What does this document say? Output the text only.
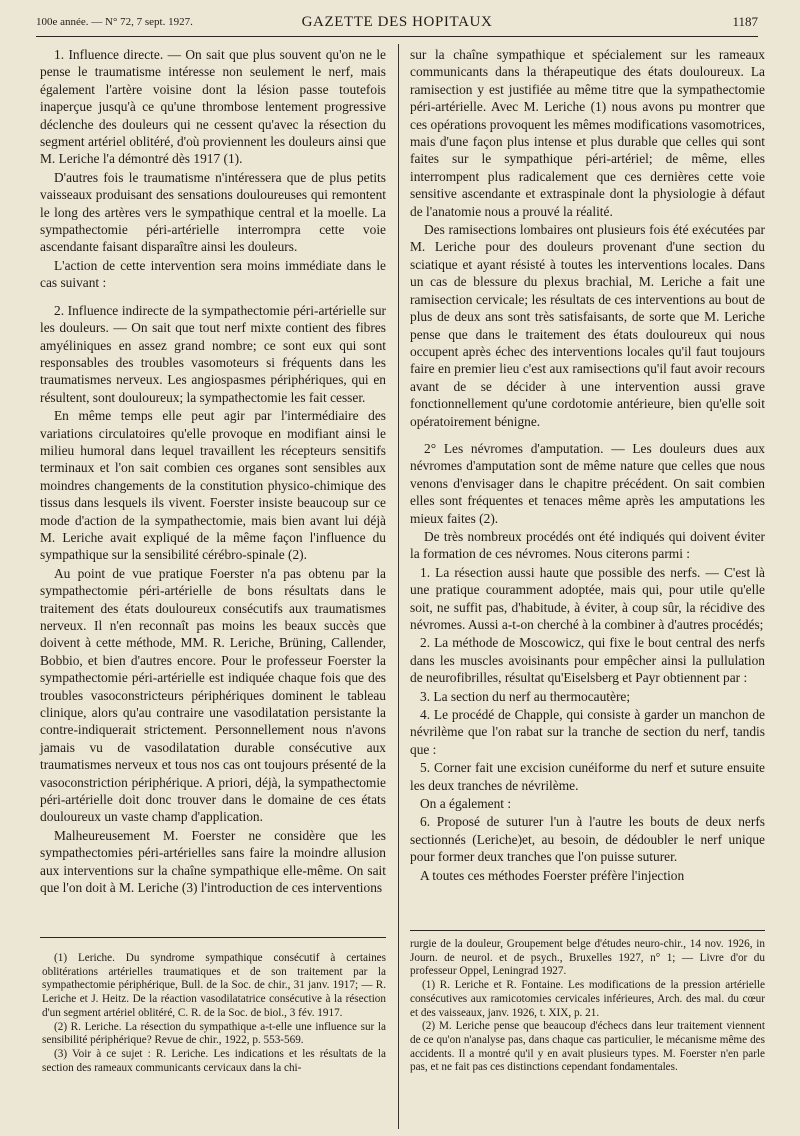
100e année. — N° 72, 7 sept. 1927.	GAZETTE DES HOPITAUX	1187

1. Influence directe. — On sait que plus souvent qu'on ne le pense le traumatisme intéresse non seulement le nerf, mais également l'artère voisine dont la lésion passe toutefois inaperçue jusqu'à ce qu'une thrombose lentement progressive déclenche des douleurs qui ne cessent qu'avec la résection du segment artériel oblitéré, d'où proviennent les douleurs ainsi que M. Leriche l'a démontré dès 1917 (1).

D'autres fois le traumatisme n'intéressera que de plus petits vaisseaux produisant des sensations douloureuses qui remontent le long des artères vers le sympathique central et la moelle. La sympathectomie péri-artérielle interrompra cette voie ascendante faisant disparaître ainsi les douleurs.

L'action de cette intervention sera moins immédiate dans le cas suivant :

2. Influence indirecte de la sympathectomie péri-artérielle sur les douleurs. — On sait que tout nerf mixte contient des fibres amyéliniques en assez grand nombre; ce sont eux qui sont responsables des troubles vasomoteurs si fréquents dans les traumatismes nerveux. Les angiospasmes périphériques, qui en résultent, sont douloureux; la sympathectomie les fait cesser.

En même temps elle peut agir par l'intermédiaire des variations circulatoires qu'elle provoque en modifiant ainsi le milieu humoral dans lequel travaillent les récepteurs sensitifs terminaux et l'on sait combien ces organes sont sensibles aux moindres changements de la constitution physico-chimique des tissus dans lesquels ils vivent. Foerster insiste beaucoup sur ce mode d'action de la sympathectomie, mais bien avant lui déjà M. Leriche avait expliqué de la même façon l'influence du sympathique sur la sensibilité cérébro-spinale (2).

Au point de vue pratique Foerster n'a pas obtenu par la sympathectomie péri-artérielle de bons résultats dans le traitement des états douloureux consécutifs aux traumatismes nerveux. Il n'en reconnaît pas moins les beaux succès que doivent à cette méthode, MM. R. Leriche, Brüning, Callender, Bobbio, et bien d'autres encore. Pour le professeur Foerster la sympathectomie péri-artérielle est indiquée chaque fois que des troubles vasoconstricteurs périphériques dominent le tableau clinique, alors qu'au contraire une vasodilatation persistante la contre-indiquerait strictement. Personnellement nous n'avons jamais vu de vasodilatation durable consécutive aux traumatismes nerveux et tous nos cas ont toujours présenté de la vasoconstriction périphérique. A priori, déjà, la sympathectomie péri-artérielle doit donc trouver dans le domaine de ces états douloureux un vaste champ d'application.

Malheureusement M. Foerster ne considère que les sympathectomies péri-artérielles sans faire la moindre allusion aux interventions sur la chaîne sympathique elle-même. On sait que l'on doit à M. Leriche (3) l'introduction de ces interventions

sur la chaîne sympathique et spécialement sur les rameaux communicants dans la thérapeutique des états douloureux. La ramisection y est justifiée au même titre que la sympathectomie péri-artérielle. Avec M. Leriche (1) nous avons pu montrer que ces opérations provoquent les mêmes modifications vasomotrices, mais d'une façon plus intense et plus durable que celles qui sont faites sur le sympathique péri-artériel; de même, elles interrompent plus radicalement que ces dernières cette voie sensitive ascendante et extraspinale dont la physiologie à défaut de l'anatomie nous a prouvé la réalité.

Des ramisections lombaires ont plusieurs fois été exécutées par M. Leriche pour des douleurs provenant d'une section du sciatique et ayant résisté à toutes les interventions locales. Dans un cas de blessure du plexus brachial, M. Leriche a fait une ramisection cervicale; les résultats de ces interventions au bout de plus de deux ans sont très satisfaisants, de sorte que M. Leriche pense que dans le traitement des états douloureux qui nous occupent après échec des interventions locales qu'il faut toujours faire en premier lieu c'est aux ramisections qu'il faut avoir recours avant de se décider à une intervention aussi grave fonctionnellement qu'une cordotomie antérieure, bien qu'elle soit opératoirement bénigne.

2° Les névromes d'amputation. — Les douleurs dues aux névromes d'amputation sont de même nature que celles que nous venons d'envisager dans le chapitre précédent. On sait combien elles sont fréquentes et tenaces même après les amputations les mieux faites (2).

De très nombreux procédés ont été indiqués qui doivent éviter la formation de ces névromes. Nous citerons parmi :

1. La résection aussi haute que possible des nerfs. — C'est là une pratique couramment adoptée, mais qui, pour utile qu'elle soit, ne suffit pas, d'habitude, à éviter, à coup sûr, la récidive des névromes. Aussi a-t-on cherché à la combiner à d'autres procédés;

2. La méthode de Moscowicz, qui fixe le bout central des nerfs dans les muscles avoisinants pour empêcher ainsi la pullulation de neurofibrilles, résultat qu'Eiselsberg et Payr obtiennent par :

3. La section du nerf au thermocautère;

4. Le procédé de Chapple, qui consiste à garder un manchon de névrilème que l'on rabat sur la tranche de section du nerf, tandis que :

5. Corner fait une excision cunéiforme du nerf et suture ensuite les deux tranches de névrilème.

On a également :

6. Proposé de suturer l'un à l'autre les bouts de deux nerfs sectionnés (Leriche)et, au besoin, de dédoubler le nerf unique pour former deux tranches que l'on puisse suturer.

A toutes ces méthodes Foerster préfère l'injection

(1) Leriche. Du syndrome sympathique consécutif à certaines oblitérations artérielles traumatiques et de son traitement par la sympathectomie périphérique, Bull. de la Soc. de chir., 31 janv. 1917; — R. Leriche et J. Heitz. De la réaction vasodilatatrice consécutive à la résection d'un segment artériel oblitéré, C. R. de la Soc. de biol., 3 fév. 1917.

(2) R. Leriche. La résection du sympathique a-t-elle une influence sur la sensibilité périphérique? Revue de chir., 1922, p. 553-569.

(3) Voir à ce sujet : R. Leriche. Les indications et les résultats de la section des rameaux communicants cervicaux dans la chi-

rurgie de la douleur, Groupement belge d'études neuro-chir., 14 nov. 1926, in Journ. de neurol. et de psych., Bruxelles 1927, n° 1; — Livre d'or du professeur Oppel, Leningrad 1927.

(1) R. Leriche et R. Fontaine. Les modifications de la pression artérielle consécutives aux ramicotomies cervicales inférieures, Arch. des mal. du cœur et des vaisseaux, janv. 1926, t. XIX, p. 21.

(2) M. Leriche pense que beaucoup d'échecs dans leur traitement viennent de ce qu'on n'analyse pas, dans chaque cas particulier, le mécanisme même des accidents. Il a montré qu'il y en avait plusieurs types. M. Foerster n'en parle pas, et ne fait pas ces distinctions cependant fondamentales.
